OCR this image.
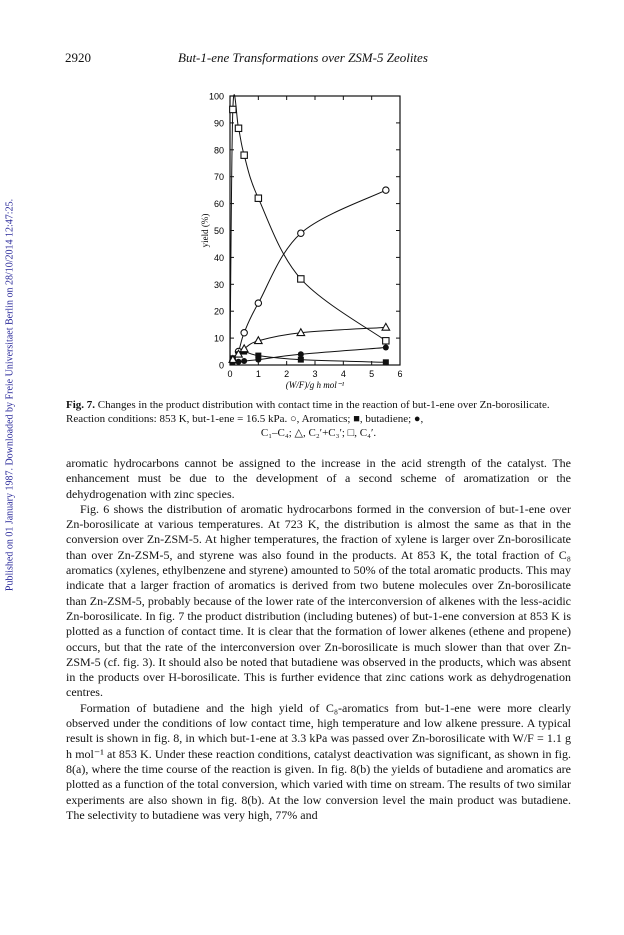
Published on 01 January 1987. Downloaded by Freie Universitaet Berlin on 28/10/2014 12:47:25.
2920	But-1-ene Transformations over ZSM-5 Zeolites
0
10
20
30
40
50
60
70
80
90
100
0	1	2	3	4	5	6
(W/F)/g h mol⁻¹
yield (%)
Fig. 7. Changes in the product distribution with contact time in the reaction of but-1-ene over Zn-borosilicate. Reaction conditions: 853 K, but-1-ene = 16.5 kPa. ○, Aromatics; ■, butadiene; ●,
C₁–C₄; △, C₂′+C₃′; □, C₄′.

aromatic hydrocarbons cannot be assigned to the increase in the acid strength of the catalyst. The enhancement must be due to the development of a second scheme of aromatization or the dehydrogenation with zinc species.

Fig. 6 shows the distribution of aromatic hydrocarbons formed in the conversion of but-1-ene over Zn-borosilicate at various temperatures. At 723 K, the distribution is almost the same as that in the conversion over Zn-ZSM-5. At higher temperatures, the fraction of xylene is larger over Zn-borosilicate than over Zn-ZSM-5, and styrene was also found in the products. At 853 K, the total fraction of C₈ aromatics (xylenes, ethylbenzene and styrene) amounted to 50% of the total aromatic products. This may indicate that a larger fraction of aromatics is derived from two butene molecules over Zn-borosilicate than Zn-ZSM-5, probably because of the lower rate of the interconversion of alkenes with the less-acidic Zn-borosilicate. In fig. 7 the product distribution (including butenes) of but-1-ene conversion at 853 K is plotted as a function of contact time. It is clear that the formation of lower alkenes (ethene and propene) occurs, but that the rate of the interconversion over Zn-borosilicate is much slower than that over Zn-ZSM-5 (cf. fig. 3). It should also be noted that butadiene was observed in the products, which was absent in the products over H-borosilicate. This is further evidence that zinc cations work as dehydrogenation centres.

Formation of butadiene and the high yield of C₈-aromatics from but-1-ene were more clearly observed under the conditions of low contact time, high temperature and low alkene pressure. A typical result is shown in fig. 8, in which but-1-ene at 3.3 kPa was passed over Zn-borosilicate with W/F = 1.1 g h mol⁻¹ at 853 K. Under these reaction conditions, catalyst deactivation was significant, as shown in fig. 8(a), where the time course of the reaction is given. In fig. 8(b) the yields of butadiene and aromatics are plotted as a function of the total conversion, which varied with time on stream. The results of two similar experiments are also shown in fig. 8(b). At the low conversion level the main product was butadiene. The selectivity to butadiene was very high, 77% and
